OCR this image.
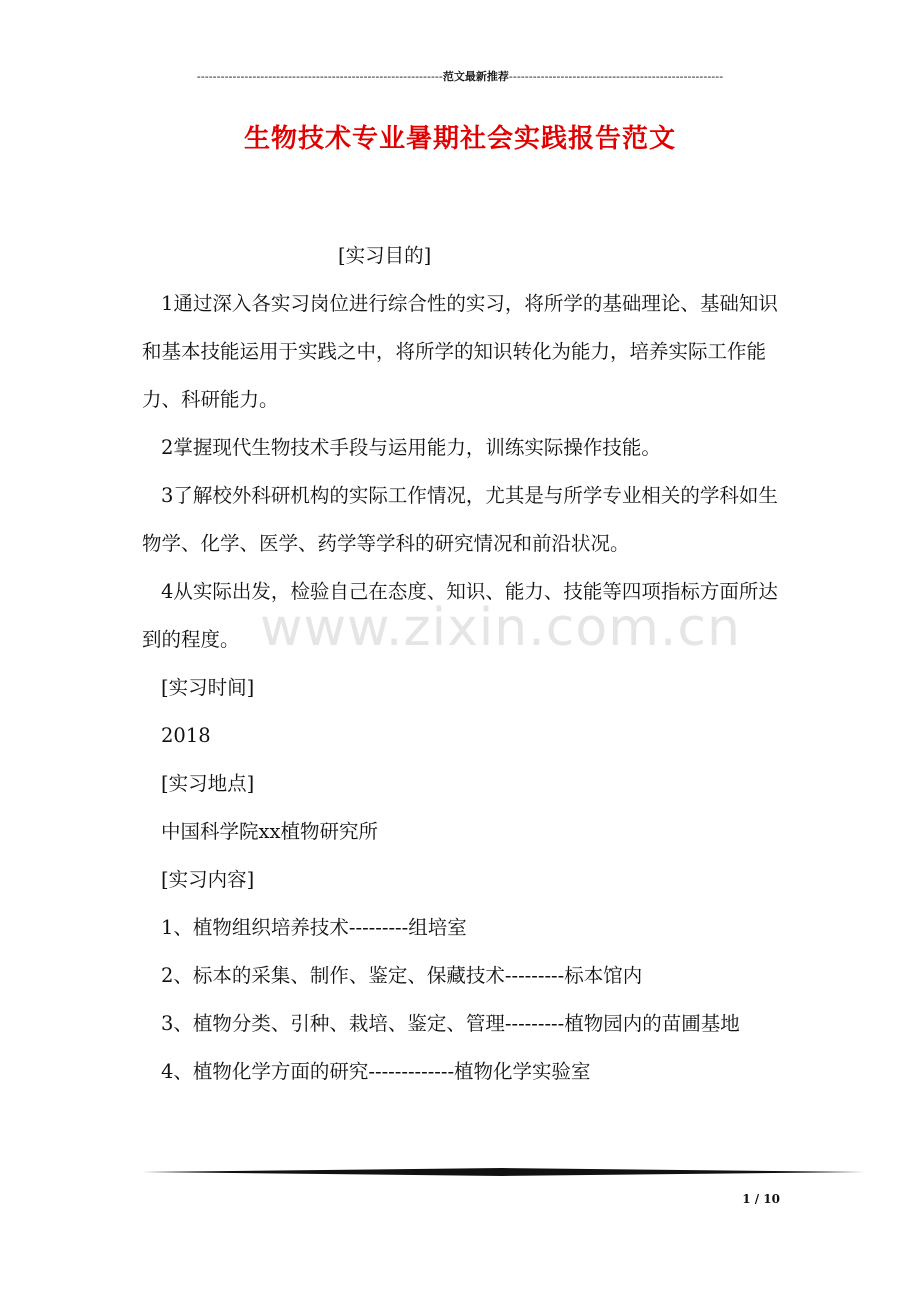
--------------------------------------------------------------范文最新推荐------------------------------------------------------
生物技术专业暑期社会实践报告范文

[实习目的]

1通过深入各实习岗位进行综合性的实习，将所学的基础理论、基础知识和基本技能运用于实践之中，将所学的知识转化为能力，培养实际工作能力、科研能力。

2掌握现代生物技术手段与运用能力，训练实际操作技能。

3了解校外科研机构的实际工作情况，尤其是与所学专业相关的学科如生物学、化学、医学、药学等学科的研究情况和前沿状况。

4从实际出发，检验自己在态度、知识、能力、技能等四项指标方面所达到的程度。

[实习时间]

2018

[实习地点]

中国科学院xx植物研究所

[实习内容]

1、植物组织培养技术---------组培室

2、标本的采集、制作、鉴定、保藏技术---------标本馆内

3、植物分类、引种、栽培、鉴定、管理---------植物园内的苗圃基地

4、植物化学方面的研究-------------植物化学实验室

www.zixin.com.cn
1 / 10
